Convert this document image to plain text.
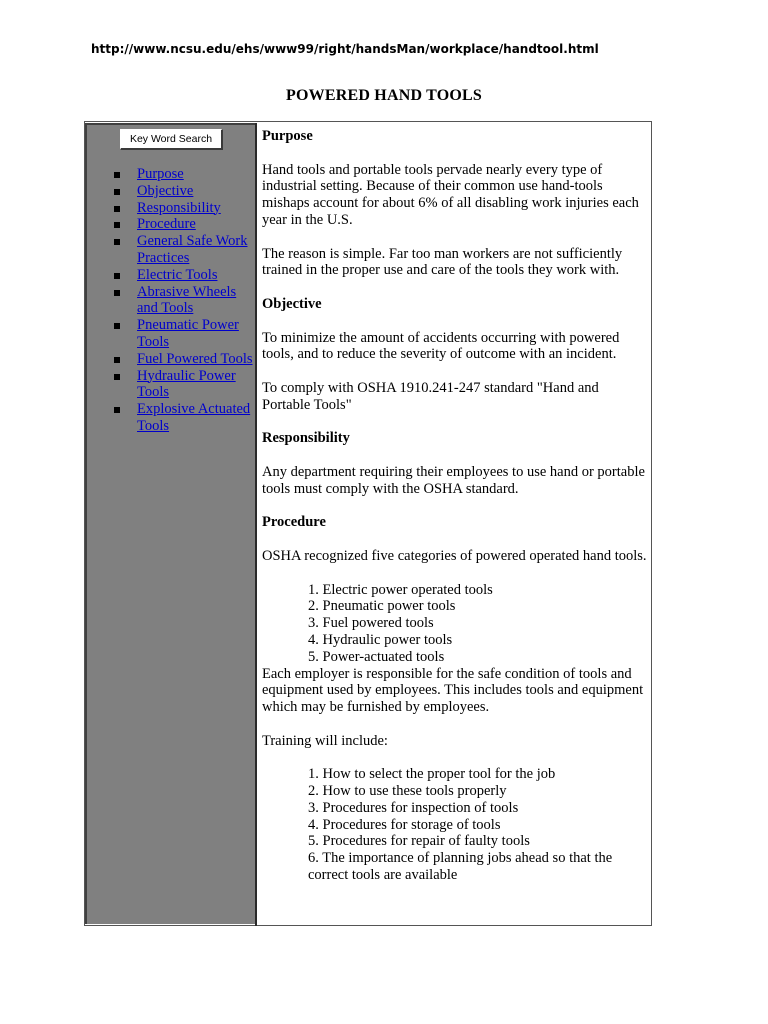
http://www.ncsu.edu/ehs/www99/right/handsMan/workplace/handtool.html
POWERED HAND TOOLS
Key Word Search
Purpose
Objective
Responsibility
Procedure
General Safe Work Practices
Electric Tools
Abrasive Wheels and Tools
Pneumatic Power Tools
Fuel Powered Tools
Hydraulic Power Tools
Explosive Actuated Tools
Purpose

Hand tools and portable tools pervade nearly every type of industrial setting. Because of their common use hand-tools mishaps account for about 6% of all disabling work injuries each year in the U.S.

The reason is simple. Far too man workers are not sufficiently trained in the proper use and care of the tools they work with.

Objective

To minimize the amount of accidents occurring with powered tools, and to reduce the severity of outcome with an incident.

To comply with OSHA 1910.241-247 standard "Hand and Portable Tools"

Responsibility

Any department requiring their employees to use hand or portable tools must comply with the OSHA standard.

Procedure

OSHA recognized five categories of powered operated hand tools.

1. Electric power operated tools
2. Pneumatic power tools
3. Fuel powered tools
4. Hydraulic power tools
5. Power-actuated tools

Each employer is responsible for the safe condition of tools and equipment used by employees. This includes tools and equipment which may be furnished by employees.

Training will include:

1. How to select the proper tool for the job
2. How to use these tools properly
3. Procedures for inspection of tools
4. Procedures for storage of tools
5. Procedures for repair of faulty tools
6. The importance of planning jobs ahead so that the correct tools are available
